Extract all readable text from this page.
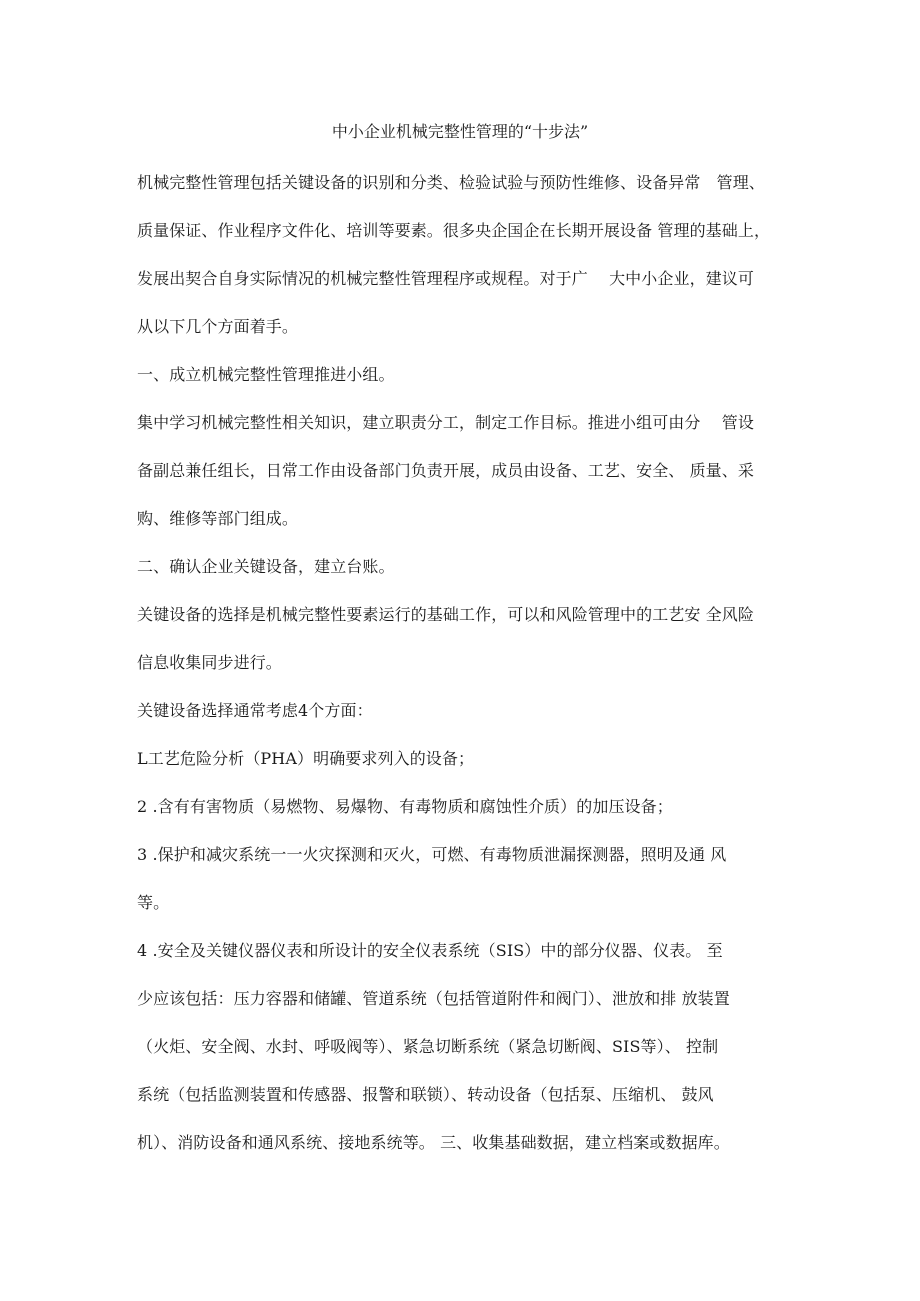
中小企业机械完整性管理的“十步法”
机械完整性管理包括关键设备的识别和分类、检验试验与预防性维修、设备异常　管理、
质量保证、作业程序文件化、培训等要素。很多央企国企在长期开展设备 管理的基础上，
发展出契合自身实际情况的机械完整性管理程序或规程。对于广　 大中小企业，建议可
从以下几个方面着手。
一、成立机械完整性管理推进小组。
集中学习机械完整性相关知识，建立职责分工，制定工作目标。推进小组可由分　 管设
备副总兼任组长，日常工作由设备部门负责开展，成员由设备、工艺、安全、 质量、采
购、维修等部门组成。
二、确认企业关键设备，建立台账。
关键设备的选择是机械完整性要素运行的基础工作，可以和风险管理中的工艺安 全风险
信息收集同步进行。
关键设备选择通常考虑4个方面：
L工艺危险分析（PHA）明确要求列入的设备；
2 .含有有害物质（易燃物、易爆物、有毒物质和腐蚀性介质）的加压设备；
3 .保护和减灾系统一一火灾探测和灭火，可燃、有毒物质泄漏探测器，照明及通 风
等。
4 .安全及关键仪器仪表和所设计的安全仪表系统（SIS）中的部分仪器、仪表。 至
少应该包括：压力容器和储罐、管道系统（包括管道附件和阀门）、泄放和排 放装置
（火炬、安全阀、水封、呼吸阀等）、紧急切断系统（紧急切断阀、SIS等）、 控制
系统（包括监测装置和传感器、报警和联锁）、转动设备（包括泵、压缩机、 鼓风
机）、消防设备和通风系统、接地系统等。 三、收集基础数据，建立档案或数据库。
